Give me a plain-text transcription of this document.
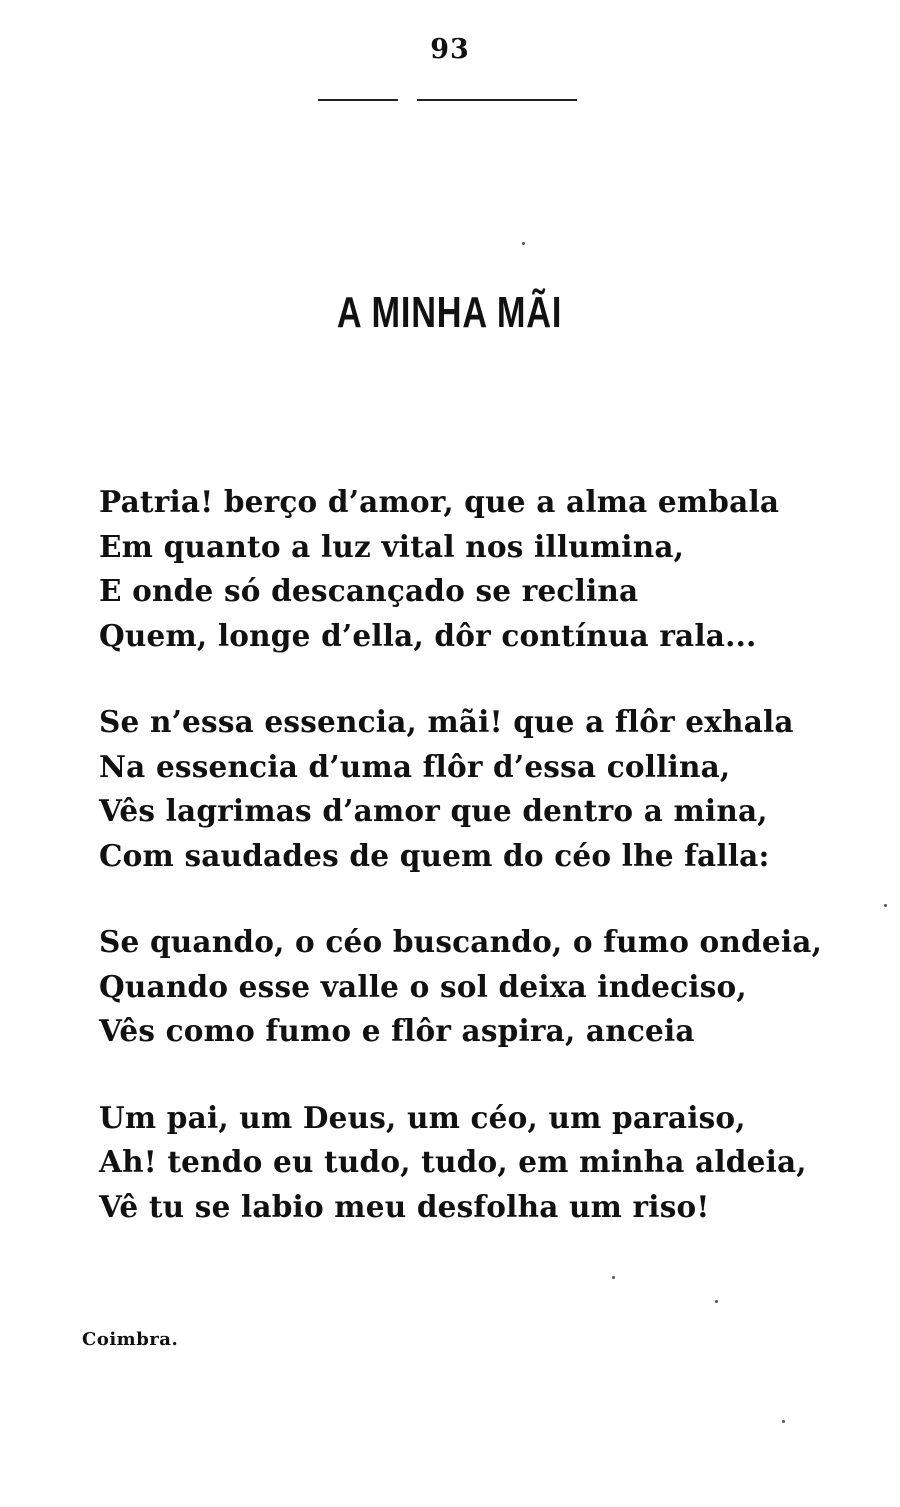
93
A MINHA MÃI
Patria! berço d’amor, que a alma embala
Em quanto a luz vital nos illumina,
E onde só descançado se reclina
Quem, longe d’ella, dôr contínua rala...
Se n’essa essencia, mãi! que a flôr exhala
Na essencia d’uma flôr d’essa collina,
Vês lagrimas d’amor que dentro a mina,
Com saudades de quem do céo lhe falla:
Se quando, o céo buscando, o fumo ondeia,
Quando esse valle o sol deixa indeciso,
Vês como fumo e flôr aspira, anceia
Um pai, um Deus, um céo, um paraiso,
Ah! tendo eu tudo, tudo, em minha aldeia,
Vê tu se labio meu desfolha um riso!
Coimbra.
